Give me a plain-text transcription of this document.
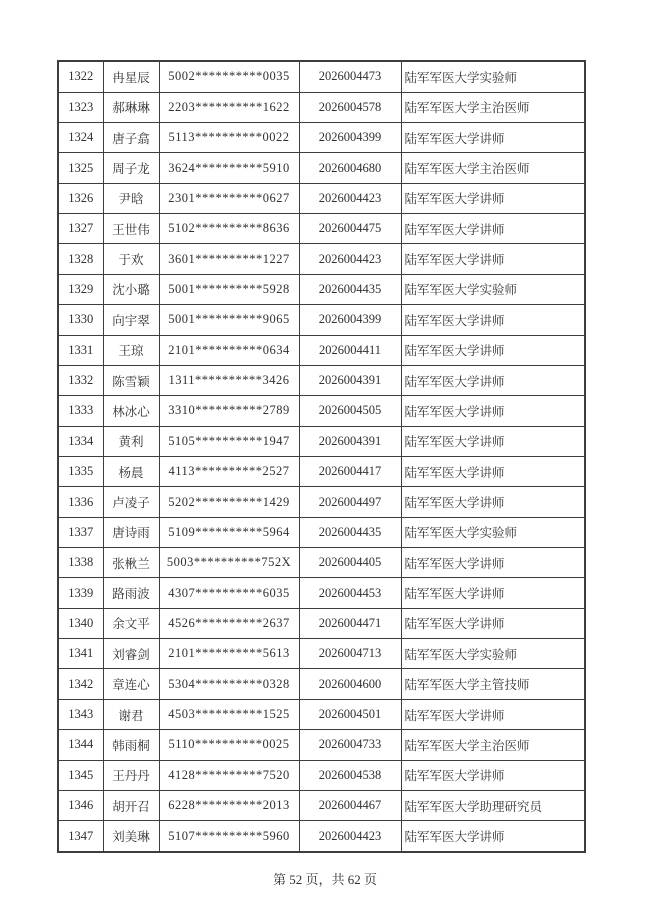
1322	冉星辰	5002**********0035	2026004473	陆军军医大学实验师
1323	郝琳琳	2203**********1622	2026004578	陆军军医大学主治医师
1324	唐子翕	5113**********0022	2026004399	陆军军医大学讲师
1325	周子龙	3624**********5910	2026004680	陆军军医大学主治医师
1326	尹晗	2301**********0627	2026004423	陆军军医大学讲师
1327	王世伟	5102**********8636	2026004475	陆军军医大学讲师
1328	于欢	3601**********1227	2026004423	陆军军医大学讲师
1329	沈小璐	5001**********5928	2026004435	陆军军医大学实验师
1330	向宇翠	5001**********9065	2026004399	陆军军医大学讲师
1331	王琼	2101**********0634	2026004411	陆军军医大学讲师
1332	陈雪颖	1311**********3426	2026004391	陆军军医大学讲师
1333	林冰心	3310**********2789	2026004505	陆军军医大学讲师
1334	黄利	5105**********1947	2026004391	陆军军医大学讲师
1335	杨晨	4113**********2527	2026004417	陆军军医大学讲师
1336	卢凌子	5202**********1429	2026004497	陆军军医大学讲师
1337	唐诗雨	5109**********5964	2026004435	陆军军医大学实验师
1338	张楸兰	5003**********752X	2026004405	陆军军医大学讲师
1339	路雨波	4307**********6035	2026004453	陆军军医大学讲师
1340	余文平	4526**********2637	2026004471	陆军军医大学讲师
1341	刘睿剑	2101**********5613	2026004713	陆军军医大学实验师
1342	章连心	5304**********0328	2026004600	陆军军医大学主管技师
1343	谢君	4503**********1525	2026004501	陆军军医大学讲师
1344	韩雨桐	5110**********0025	2026004733	陆军军医大学主治医师
1345	王丹丹	4128**********7520	2026004538	陆军军医大学讲师
1346	胡开召	6228**********2013	2026004467	陆军军医大学助理研究员
1347	刘美琳	5107**********5960	2026004423	陆军军医大学讲师
第 52 页，共 62 页
